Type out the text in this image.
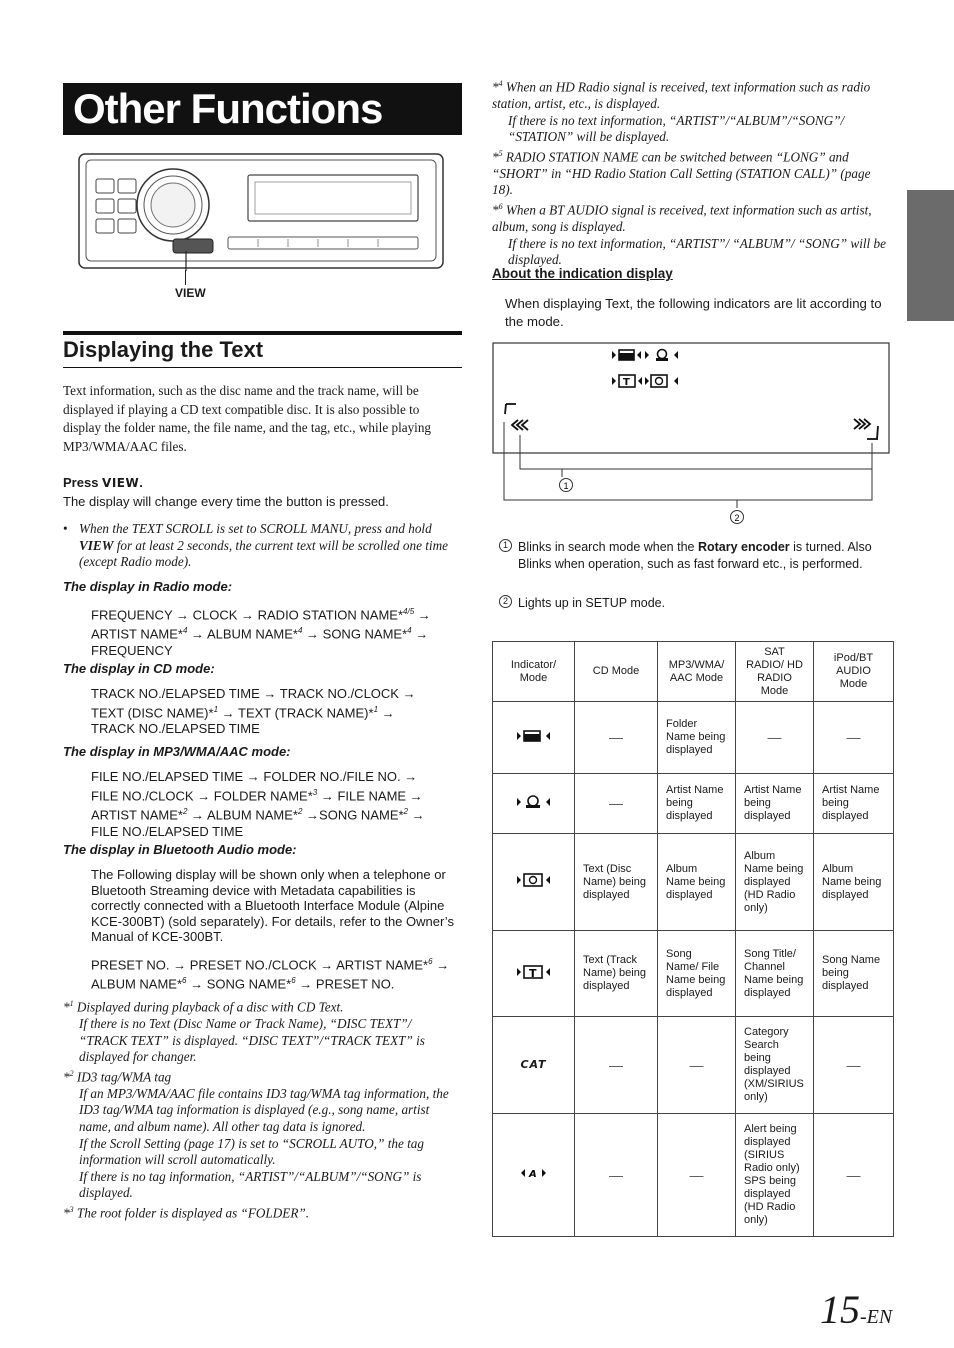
Other Functions
VIEW
Displaying the Text

Text information, such as the disc name and the track name, will be displayed if playing a CD text compatible disc. It is also possible to display the folder name, the file name, and the tag, etc., while playing MP3/WMA/AAC files.

Press VIEW.
The display will change every time the button is pressed.
• When the TEXT SCROLL is set to SCROLL MANU, press and hold VIEW for at least 2 seconds, the current text will be scrolled one time (except Radio mode).
The display in Radio mode:
FREQUENCY → CLOCK → RADIO STATION NAME*$^{4/5}$ →
ARTIST NAME*$^4$ → ALBUM NAME*$^4$ → SONG NAME*$^4$ →
FREQUENCY
The display in CD mode:
TRACK NO./ELAPSED TIME → TRACK NO./CLOCK →
TEXT (DISC NAME)*$^1$ → TEXT (TRACK NAME)*$^1$ →
TRACK NO./ELAPSED TIME
The display in MP3/WMA/AAC mode:
FILE NO./ELAPSED TIME → FOLDER NO./FILE NO. →
FILE NO./CLOCK → FOLDER NAME*$^3$ → FILE NAME →
ARTIST NAME*$^2$ → ALBUM NAME*$^2$ →SONG NAME*$^2$ →
FILE NO./ELAPSED TIME
The display in Bluetooth Audio mode:
The Following display will be shown only when a telephone or Bluetooth Streaming device with Metadata capabilities is correctly connected with a Bluetooth Interface Module (Alpine KCE-300BT) (sold separately). For details, refer to the Owner’s Manual of KCE-300BT.
PRESET NO. → PRESET NO./CLOCK → ARTIST NAME*$^6$ →
ALBUM NAME*$^6$ → SONG NAME*$^6$ → PRESET NO.
*$^1$ Displayed during playback of a disc with CD Text.
If there is no Text (Disc Name or Track Name), “DISC TEXT”/ “TRACK TEXT” is displayed. “DISC TEXT”/“TRACK TEXT” is displayed for changer.
*$^2$ ID3 tag/WMA tag
If an MP3/WMA/AAC file contains ID3 tag/WMA tag information, the ID3 tag/WMA tag information is displayed (e.g., song name, artist name, and album name). All other tag data is ignored.
If the Scroll Setting (page 17) is set to “SCROLL AUTO,” the tag information will scroll automatically.
If there is no tag information, “ARTIST”/“ALBUM”/“SONG” is displayed.
*$^3$ The root folder is displayed as “FOLDER”.
*$^4$ When an HD Radio signal is received, text information such as radio station, artist, etc., is displayed.
If there is no text information, “ARTIST”/“ALBUM”/“SONG”/ “STATION” will be displayed.
*$^5$ RADIO STATION NAME can be switched between “LONG” and “SHORT” in “HD Radio Station Call Setting (STATION CALL)” (page 18).
*$^6$ When a BT AUDIO signal is received, text information such as artist, album, song is displayed.
If there is no text information, “ARTIST”/ “ALBUM”/ “SONG” will be displayed.
About the indication display
When displaying Text, the following indicators are lit according to the mode.
T
1
2
1 Blinks in search mode when the Rotary encoder is turned. Also Blinks when operation, such as fast forward etc., is performed.
2 Lights up in SETUP mode.
Indicator/ Mode	CD Mode	MP3/WMA/ AAC Mode	SAT RADIO/ HD RADIO Mode	iPod/BT AUDIO Mode
	—	Folder Name being displayed	—	—
	—	Artist Name being displayed	Artist Name being displayed	Artist Name being displayed
	Text (Disc Name) being displayed	Album Name being displayed	Album Name being displayed (HD Radio only)	Album Name being displayed

T	Text (Track Name) being displayed	Song Name/ File Name being displayed	Song Title/ Channel Name being displayed	Song Name being displayed
CAT	—	—	Category Search being displayed (XM/SIRIUS only)	—

A	—	—	Alert being displayed (SIRIUS Radio only) SPS being displayed (HD Radio only)	—
15-EN
